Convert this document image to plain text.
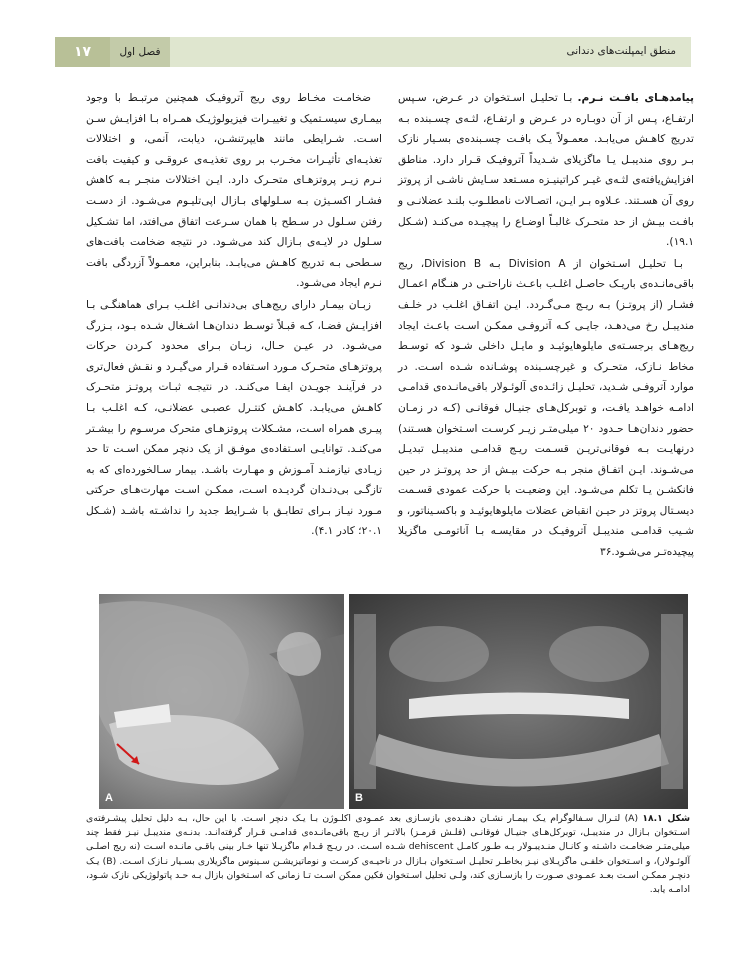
منطق ایمپلنت‌های دندانی
فصل اول
۱۷

پیامدهـای بافـت نـرم. بـا تحلیـل اسـتخوان در عـرض، سـپس ارتفـاع، پـس از آن دوبـاره در عـرض و ارتفـاع، لثـه‌ی چسـبنده بـه تدریج کاهـش می‌یابـد. معمـولاً یـک بافـت چسـبنده‌ی بسـیار نازک بـر روی مندیبـل یـا ماگزیلای شـدیداً آتروفیـک قـرار دارد. مناطق افزایش‌یافته‌ی لثـه‌ی غیـر کراتینیـزه مسـتعد سـایش ناشـی از پروتز روی آن هسـتند. عـلاوه بـر ایـن، اتصـالات نامطلـوب بلنـد عضلانـی و بافـت بیـش از حد متحـرک غالبـاً اوضـاع را پیچیـده می‌کنـد (شـکل ۱۹.۱).

بـا تحلیـل اسـتخوان از Division A بـه Division B، ریج باقی‌مانـده‌ی باریـک حاصـل اغلـب باعـث ناراحتـی در هنـگام اعمـال فشـار (از پروتـز) بـه ریـج مـی‌گـردد. ایـن اتفـاق اغلـب در خلـف مندیبـل رخ می‌دهـد، جایـی کـه آتروفـی ممکـن اسـت باعـث ایجاد ریج‌هـای برجسـته‌ی مایلوهایوئیـد و مایـل داخلی شـود که توسـط مخاط نـازک، متحـرک و غیرچسـبنده پوشـانده شـده اسـت. در موارد آتروفـی شـدید، تحلیـل زائـده‌ی آلوئـولار باقی‌مانـده‌ی قدامـی ادامـه خواهـد یافـت، و توبرکل‌هـای جنیـال فوقانـی (کـه در زمـان حضور دندان‌هـا حـدود ۲۰ میلی‌متـر زیـر کرسـت اسـتخوان هسـتند) درنهایـت بـه فوقانی‌تریـن قسـمت ریـج قدامـی مندیبـل تبدیـل می‌شـوند. ایـن اتفـاق منجر بـه حرکت بیـش از حد پروتـز در حین فانکشـن یـا تکلم می‌شـود. این وضعیـت با حرکت عمودی قسـمت دیسـتال پروتز در حیـن انقباض عضلات مایلوهایوئیـد و باکسـیناتور، و شـیب قدامـی مندیبـل آتروفیـک در مقایسـه بـا آناتومـی ماگزیلا پیچیده‌تـر می‌شـود.۳۶

ضخامـت مخـاط روی ریج آتروفیـک همچنین مرتبـط با وجود بیمـاری سیسـتمیک و تغییـرات فیزیولوژیـک همـراه بـا افزایـش سـن اسـت. شـرایطی مانند هایپرتنشـن، دیابت، آنمی، و اختلالات تغذیـه‌ای تأثیـرات مخـرب بر روی تغذیـه‌ی عروقـی و کیفیت بافت نـرم زیـر پروتزهـای متحـرک دارد. ایـن اختلالات منجـر بـه کاهش فشـار اکسـیژن بـه سـلولهای بـازال اپی‌تلیـوم می‌شـود. از دسـت رفتن سـلول در سـطح با همان سـرعت اتفاق می‌افتد، اما تشـکیل سـلول در لایـه‌ی بـازال کند می‌شـود. در نتیجه ضخامت بافت‌های سـطحی بـه تدریج کاهـش می‌یابـد. بنابراین، معمـولاً آزردگی بافت نـرم ایجاد می‌شـود.

زبـان بیمـار دارای ریج‌هـای بی‌دندانـی اغلـب بـرای هماهنگـی بـا افزایـش فضـا، کـه قبـلاً توسـط دندان‌هـا اشـغال شـده بـود، بـزرگ می‌شـود. در عیـن حـال، زبـان بـرای محدود کـردن حرکات پروتزهـای متحـرک مـورد اسـتفاده قـرار می‌گیـرد و نقـش فعال‌تری در فرآینـد جویـدن ایفـا می‌کنـد. در نتیجـه ثبـات پروتـز متحـرک کاهـش می‌یابـد. کاهـش کنتـرل عصبـی عضلانـی، کـه اغلـب بـا پیـری همراه اسـت، مشـکلات پروتزهـای متحرک مرسـوم را بیشـتر می‌کنـد. توانایـی اسـتفاده‌ی موفـق از یک دنچر ممکن اسـت تا حد زیـادی نیازمنـد آمـوزش و مهـارت باشـد. بیمار سـالخورده‌ای که به تازگـی بی‌دنـدان گردیـده اسـت، ممکـن اسـت مهارت‌هـای حرکتی مـورد نیـاز بـرای تطابـق با شـرایط جدید را نداشـته باشـد (شـکل ۲۰.۱؛ کادر ۴.۱).

A	B
شکل ۱۸.۱ (A) لتـرال سـفالوگرام یـک بیمـار نشـان دهنـده‌ی بازسـازی بعد عمـودی اکلـوژن بـا یـک دنچر اسـت. با این حال، بـه دلیل تحلیل پیشـرفته‌ی اسـتخوان بـازال در مندیبـل، توبرکل‌هـای جنیـال فوقانـی (فلـش قرمـز) بالاتـر از ریـج باقی‌مانـده‌ی قدامـی قـرار گرفته‌انـد. بدنـه‌ی مندیبـل نیـز فقط چند میلی‌متـر ضخامـت داشـته و کانـال منـدیبـولار بـه طـور کامـل dehiscent شـده اسـت. در ریـج قـدام ماگزیـلا تنها خـار بینی باقـی مانـده اسـت (نه ریج اصلـی آلوئـولار)، و اسـتخوان خلفـی ماگزیـلای نیـز بخاطـر تحلیـل اسـتخوان بـازال در ناحیـه‌ی کرسـت و نوماتیزیشـن سـینوس ماگزیلاری بسـیار نـازک اسـت. (B) یـک دنچـر ممکـن اسـت بعـد عمـودی صـورت را بازسـازی کند، ولـی تحلیل اسـتخوان فکین ممکن اسـت تـا زمانی که اسـتخوان بازال بـه حـد پاتولوژیکی نازک شـود، ادامـه یابد.
